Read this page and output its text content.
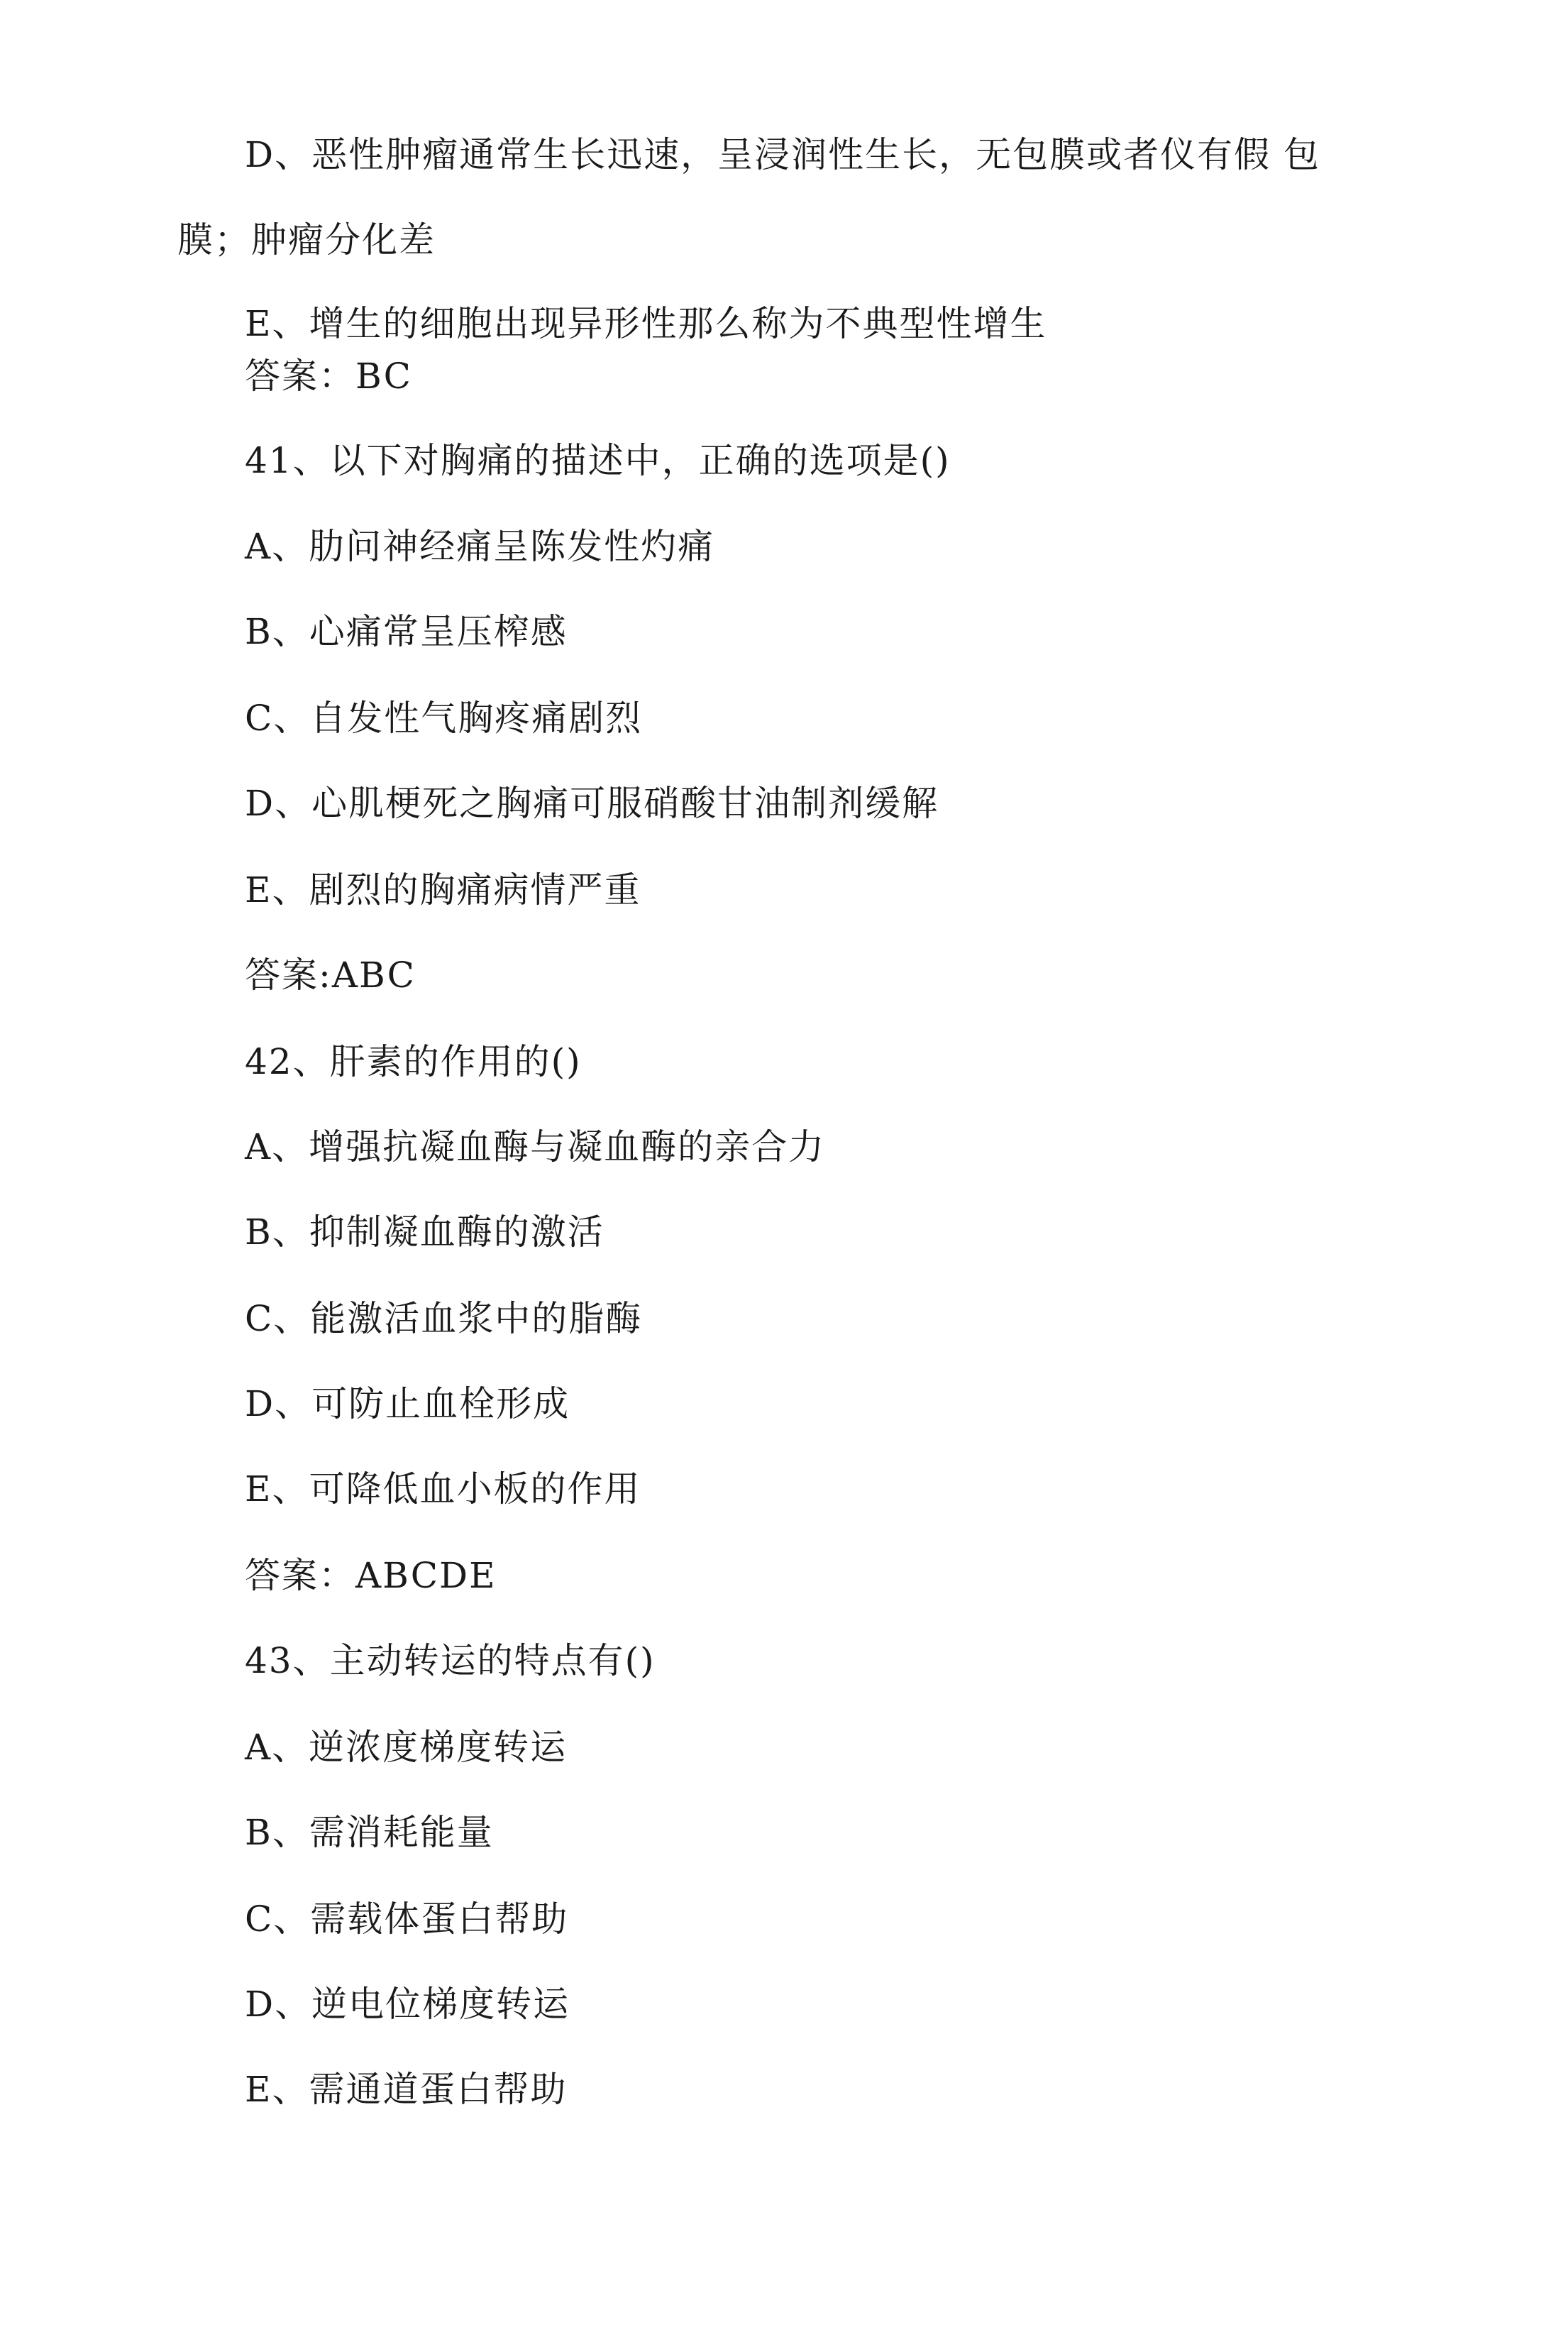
D、恶性肿瘤通常生长迅速，呈浸润性生长，无包膜或者仪有假 包
膜；肿瘤分化差
E、增生的细胞出现异形性那么称为不典型性增生
答案：BC
41、以下对胸痛的描述中，正确的选项是()
A、肋问神经痛呈陈发性灼痛
B、心痛常呈压榨感
C、自发性气胸疼痛剧烈
D、心肌梗死之胸痛可服硝酸甘油制剂缓解
E、剧烈的胸痛病情严重
答案:ABC
42、肝素的作用的()
A、增强抗凝血酶与凝血酶的亲合力
B、抑制凝血酶的激活
C、能激活血浆中的脂酶
D、可防止血栓形成
E、可降低血小板的作用
答案：ABCDE
43、主动转运的特点有()
A、逆浓度梯度转运
B、需消耗能量
C、需载体蛋白帮助
D、逆电位梯度转运
E、需通道蛋白帮助
